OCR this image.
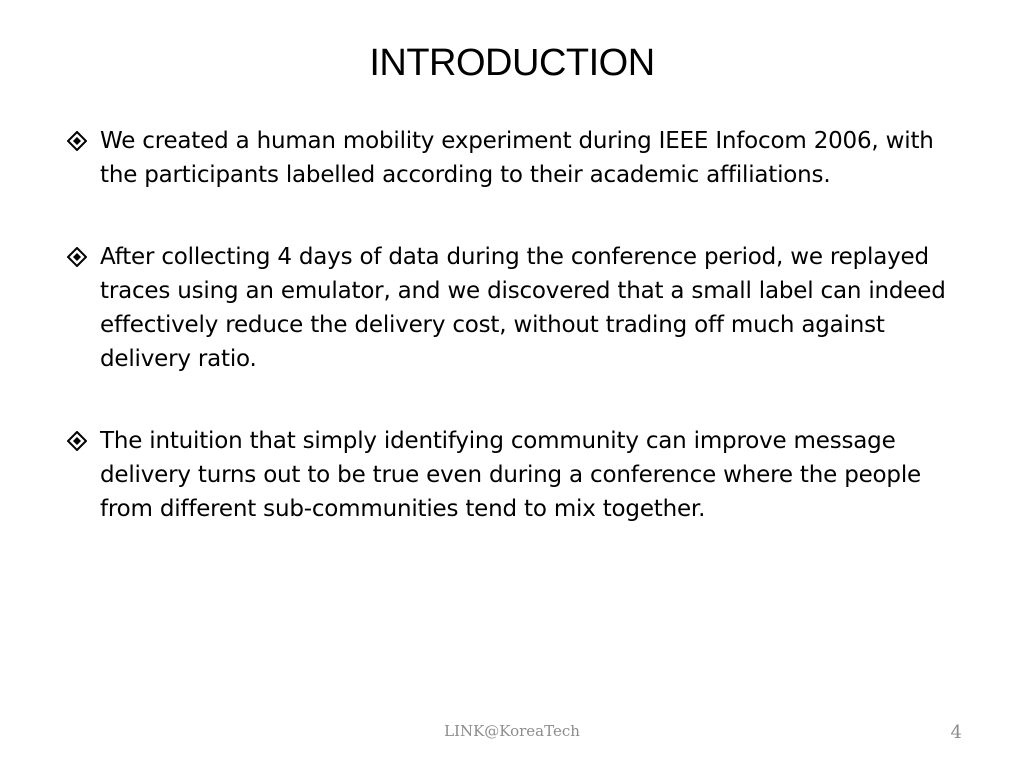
INTRODUCTION
We created a human mobility experiment during IEEE Infocom 2006, with the participants labelled according to their academic affiliations.
After collecting 4 days of data during the conference period, we replayed traces using an emulator, and we discovered that a small label can indeed effectively reduce the delivery cost, without trading off much against delivery ratio.
The intuition that simply identifying community can improve message delivery turns out to be true even during a conference where the people from different sub-communities tend to mix together.
LINK@KoreaTech	4
